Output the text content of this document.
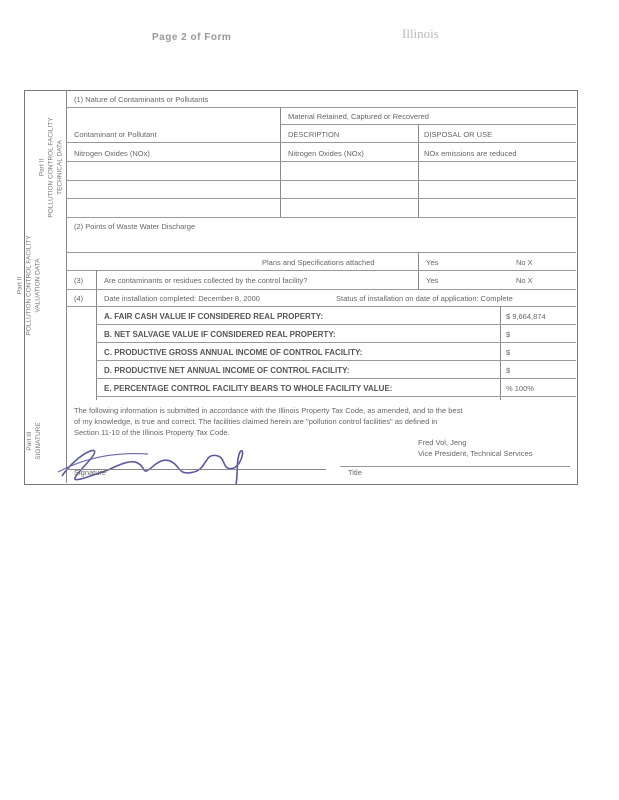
Page 2 of Form	Illinois
Part II POLLUTION CONTROL FACILITY TECHNICAL DATA
Part II POLLUTION CONTROL FACILITY VALUATION DATA
Part III SIGNATURE
(1) Nature of Contaminants or Pollutants
Material Retained, Captured or Recovered
Contaminant or Pollutant	DESCRIPTION	DISPOSAL OR USE
Nitrogen Oxides (NOx)	Nitrogen Oxides (NOx)	NOx emissions are reduced
(2) Points of Waste Water Discharge
Plans and Specifications attached	Yes	No X
(3)	Are contaminants or residues collected by the control facility?	Yes	No X
(4)	Date installation completed: December 8, 2000	Status of installation on date of application: Complete
A. FAIR CASH VALUE IF CONSIDERED REAL PROPERTY:	$ 9,664,874
B. NET SALVAGE VALUE IF CONSIDERED REAL PROPERTY:	$
C. PRODUCTIVE GROSS ANNUAL INCOME OF CONTROL FACILITY:	$
D. PRODUCTIVE NET ANNUAL INCOME OF CONTROL FACILITY:	$
E. PERCENTAGE CONTROL FACILITY BEARS TO WHOLE FACILITY VALUE:	% 100%
The following information is submitted in accordance with the Illinois Property Tax Code, as amended, and to the best
of my knowledge, is true and correct. The facilities claimed herein are "pollution control facilities" as defined in
Section 11-10 of the Illinois Property Tax Code.
Signature
Fred Vol, Jeng
Vice President, Technical Services
Title
